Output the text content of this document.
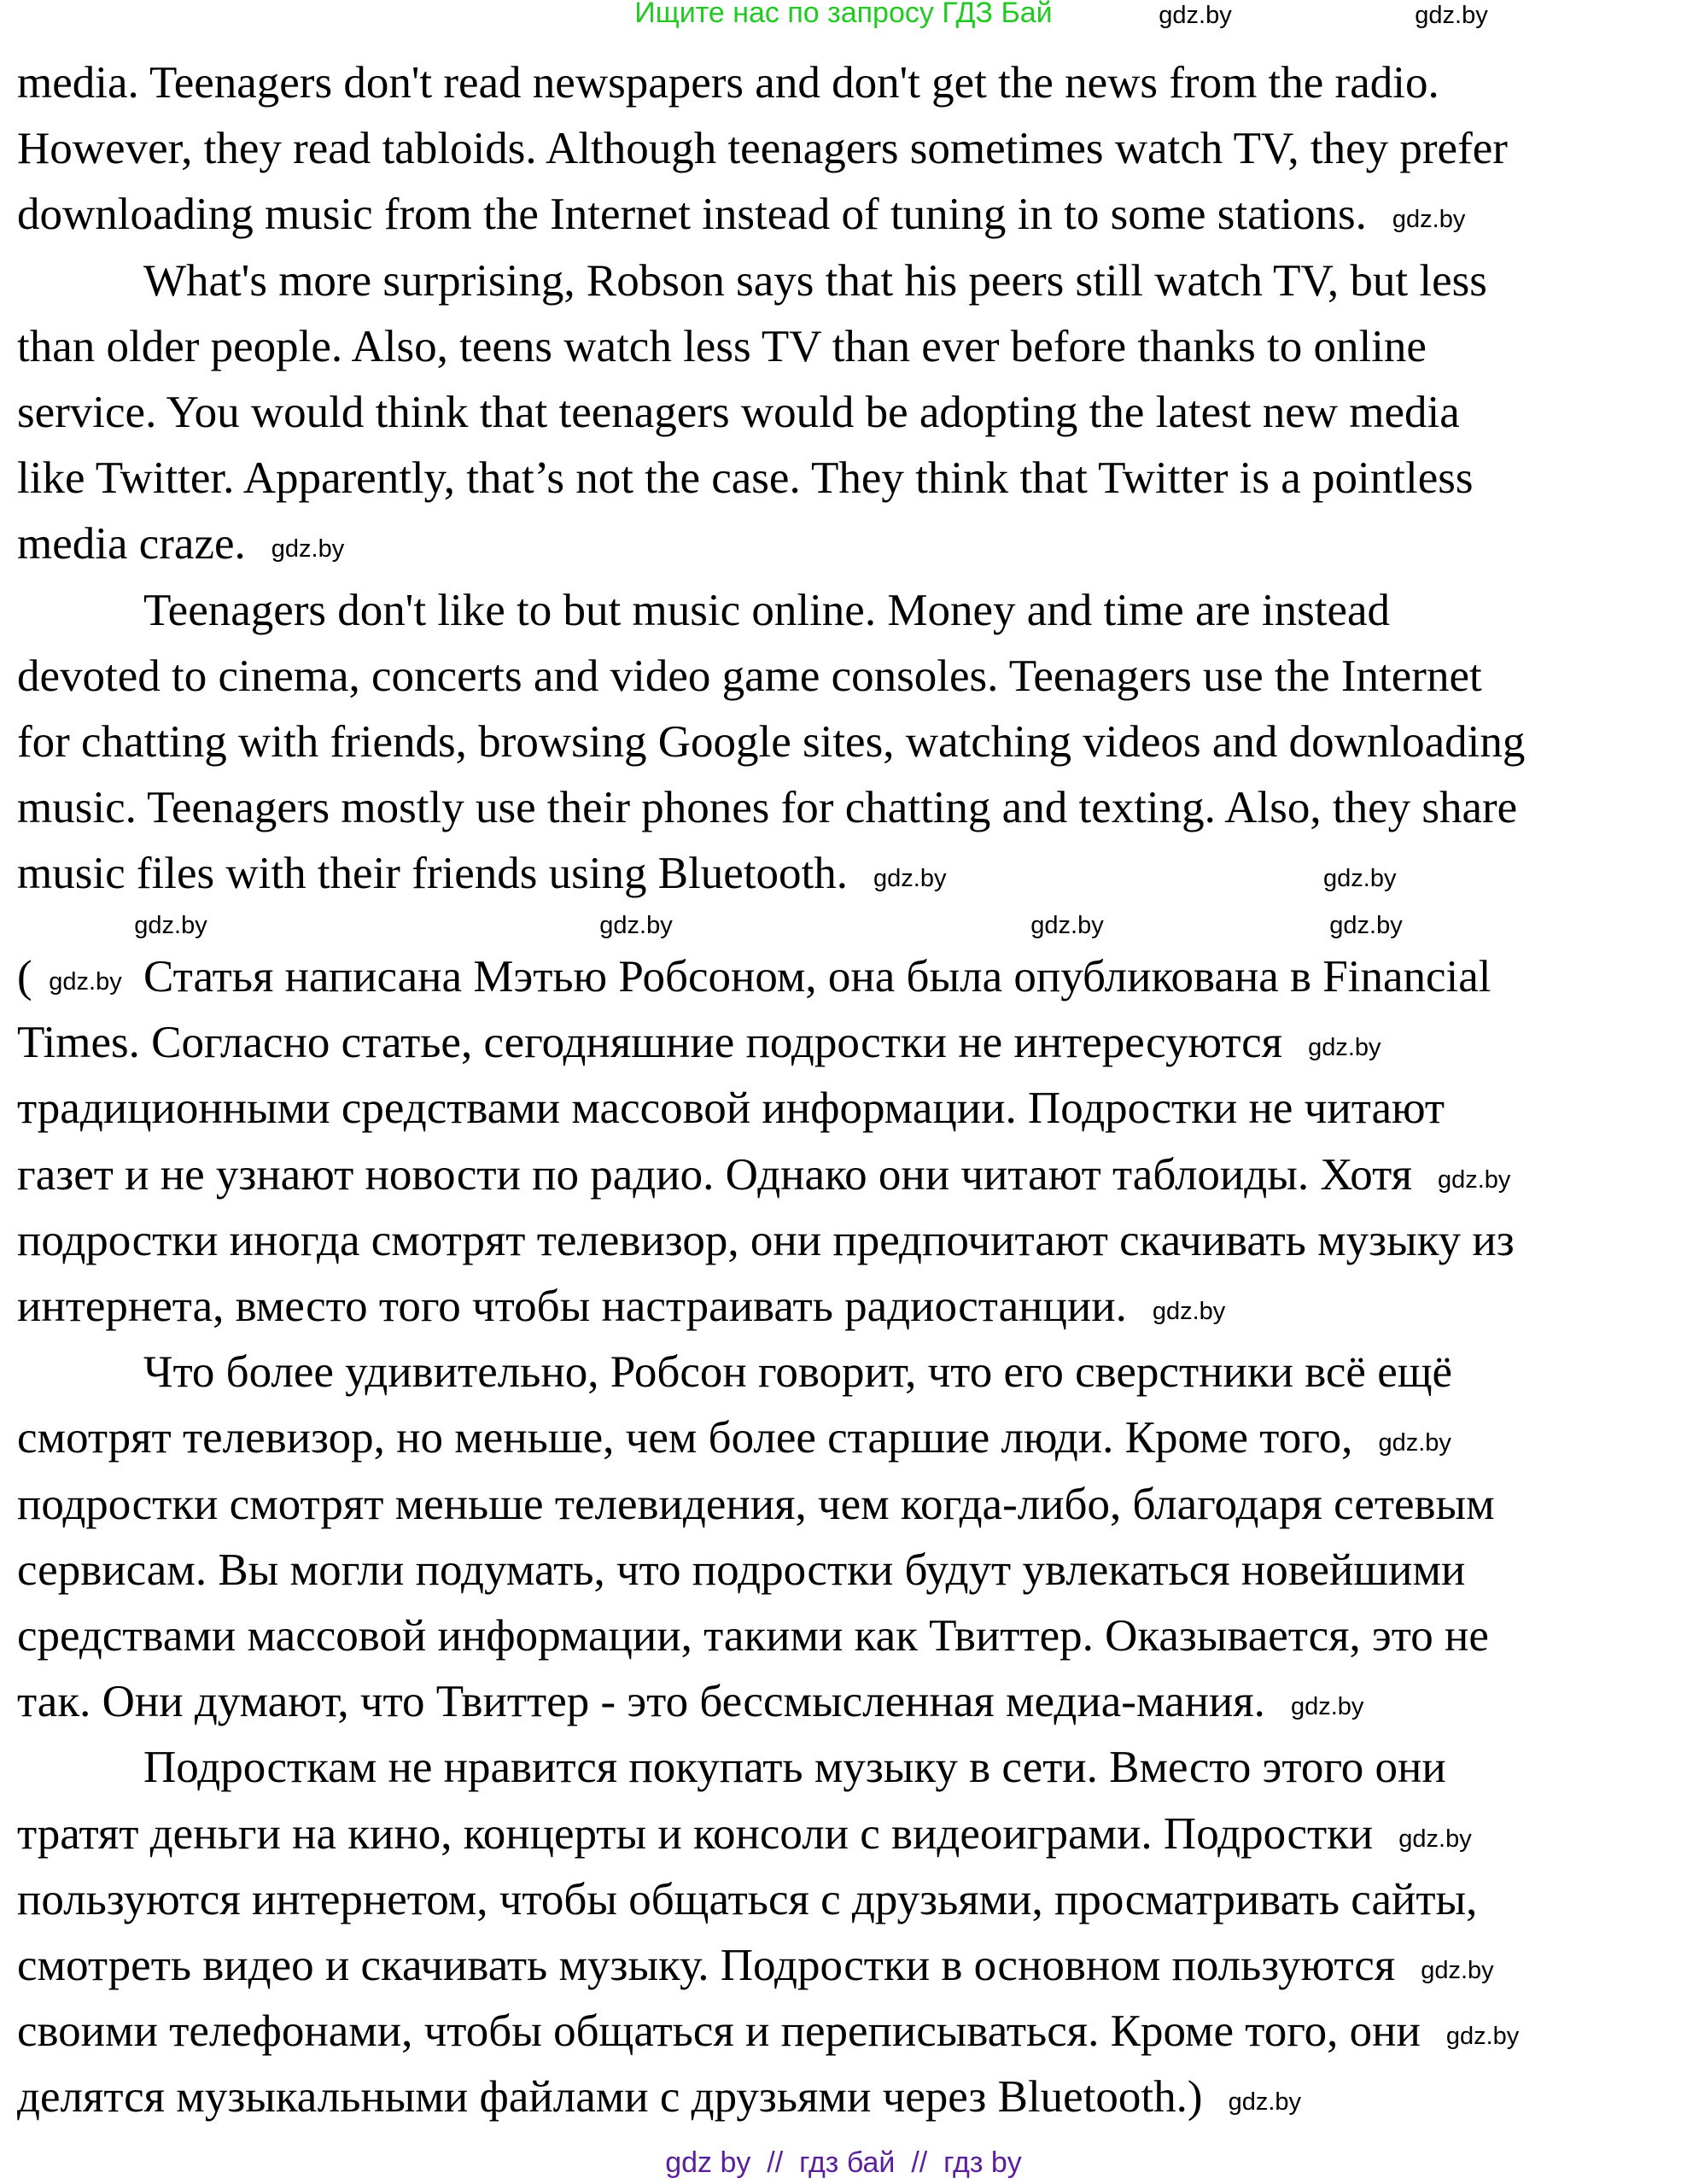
Ищите нас по запросу ГДЗ Бай
media. Teenagers don't read newspapers and don't get the news from the radio.
However, they read tabloids. Although teenagers sometimes watch TV, they prefer
downloading music from the Internet instead of tuning in to some stations.
What's more surprising, Robson says that his peers still watch TV, but less
than older people. Also, teens watch less TV than ever before thanks to online
service. You would think that teenagers would be adopting the latest new media
like Twitter. Apparently, that’s not the case. They think that Twitter is a pointless
media craze.
Teenagers don't like to but music online. Money and time are instead
devoted to cinema, concerts and video game consoles. Teenagers use the Internet
for chatting with friends, browsing Google sites, watching videos and downloading
music. Teenagers mostly use their phones for chatting and texting. Also, they share
music files with their friends using Bluetooth.
Статья написана Мэтью Робсоном, она была опубликована в Financial
Times. Согласно статье, сегодняшние подростки не интересуются
традиционными средствами массовой информации. Подростки не читают
газет и не узнают новости по радио. Однако они читают таблоиды. Хотя
подростки иногда смотрят телевизор, они предпочитают скачивать музыку из
интернета, вместо того чтобы настраивать радиостанции.
Что более удивительно, Робсон говорит, что его сверстники всё ещё
смотрят телевизор, но меньше, чем более старшие люди. Кроме того,
подростки смотрят меньше телевидения, чем когда-либо, благодаря сетевым
сервисам. Вы могли подумать, что подростки будут увлекаться новейшими
средствами массовой информации, такими как Твиттер. Оказывается, это не
так. Они думают, что Твиттер - это бессмысленная медиа-мания.
Подросткам не нравится покупать музыку в сети. Вместо этого они
тратят деньги на кино, концерты и консоли с видеоиграми. Подростки
пользуются интернетом, чтобы общаться с друзьями, просматривать сайты,
смотреть видео и скачивать музыку. Подростки в основном пользуются
своими телефонами, чтобы общаться и переписываться. Кроме того, они
делятся музыкальными файлами с друзьями через Bluetooth.)
(
gdz.by	gdz.by
gdz.by	gdz.by	gdz.by	gdz.by
gdz.by
gdz.by
gdz.by
gdz.by
gdz.by
gdz.by
gdz.by
gdz.by
gdz.by
gdz.by
gdz.by
gdz.by
gdz.by
gdz.by
gdz by  //  гдз бай  //  гдз by
